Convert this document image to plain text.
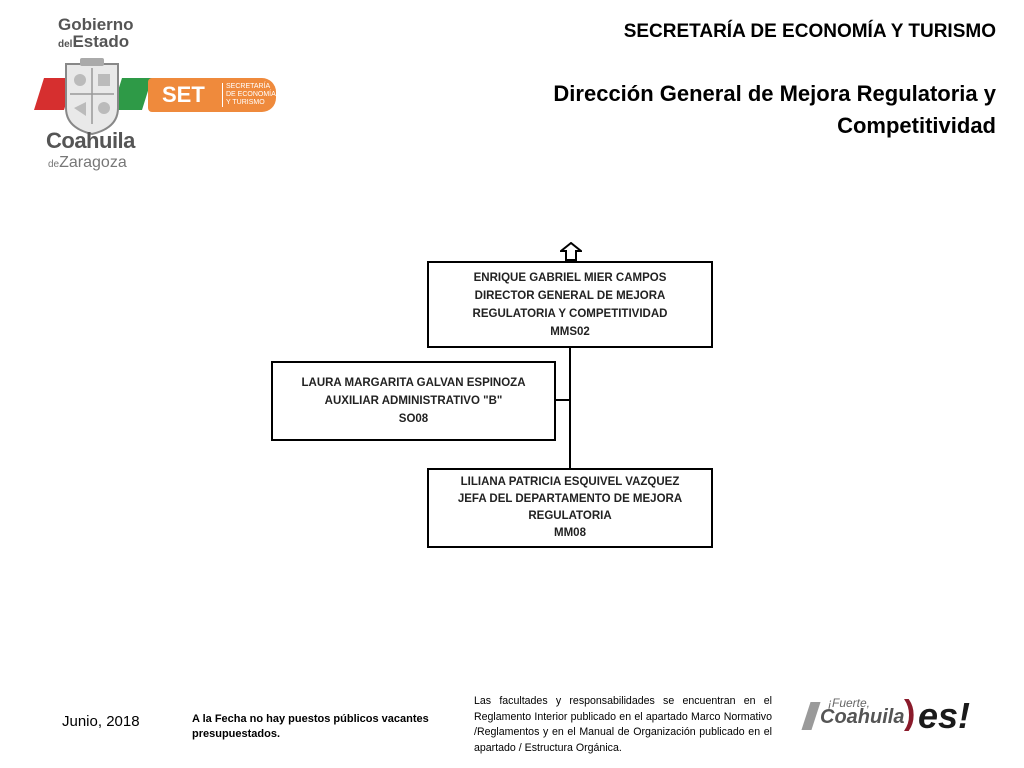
Gobierno
delEstado
Coahuila
deZaragoza
SET	SECRETARÍA
DE ECONOMÍA
Y TURISMO
SECRETARÍA DE ECONOMÍA Y TURISMO
Dirección General de Mejora Regulatoria y Competitividad
ENRIQUE GABRIEL MIER CAMPOS
DIRECTOR GENERAL DE MEJORA REGULATORIA Y COMPETITIVIDAD
MMS02
LAURA MARGARITA GALVAN ESPINOZA
AUXILIAR ADMINISTRATIVO "B"
SO08
LILIANA PATRICIA ESQUIVEL VAZQUEZ
JEFA DEL DEPARTAMENTO DE MEJORA REGULATORIA
MM08
Junio, 2018	A la Fecha no hay puestos públicos vacantes presupuestados.
Las facultades y responsabilidades se encuentran en el Reglamento Interior publicado en el apartado Marco Normativo /Reglamentos y en el Manual de Organización publicado en el apartado / Estructura Orgánica.
¡Fuerte,
Coahuila ) es!
